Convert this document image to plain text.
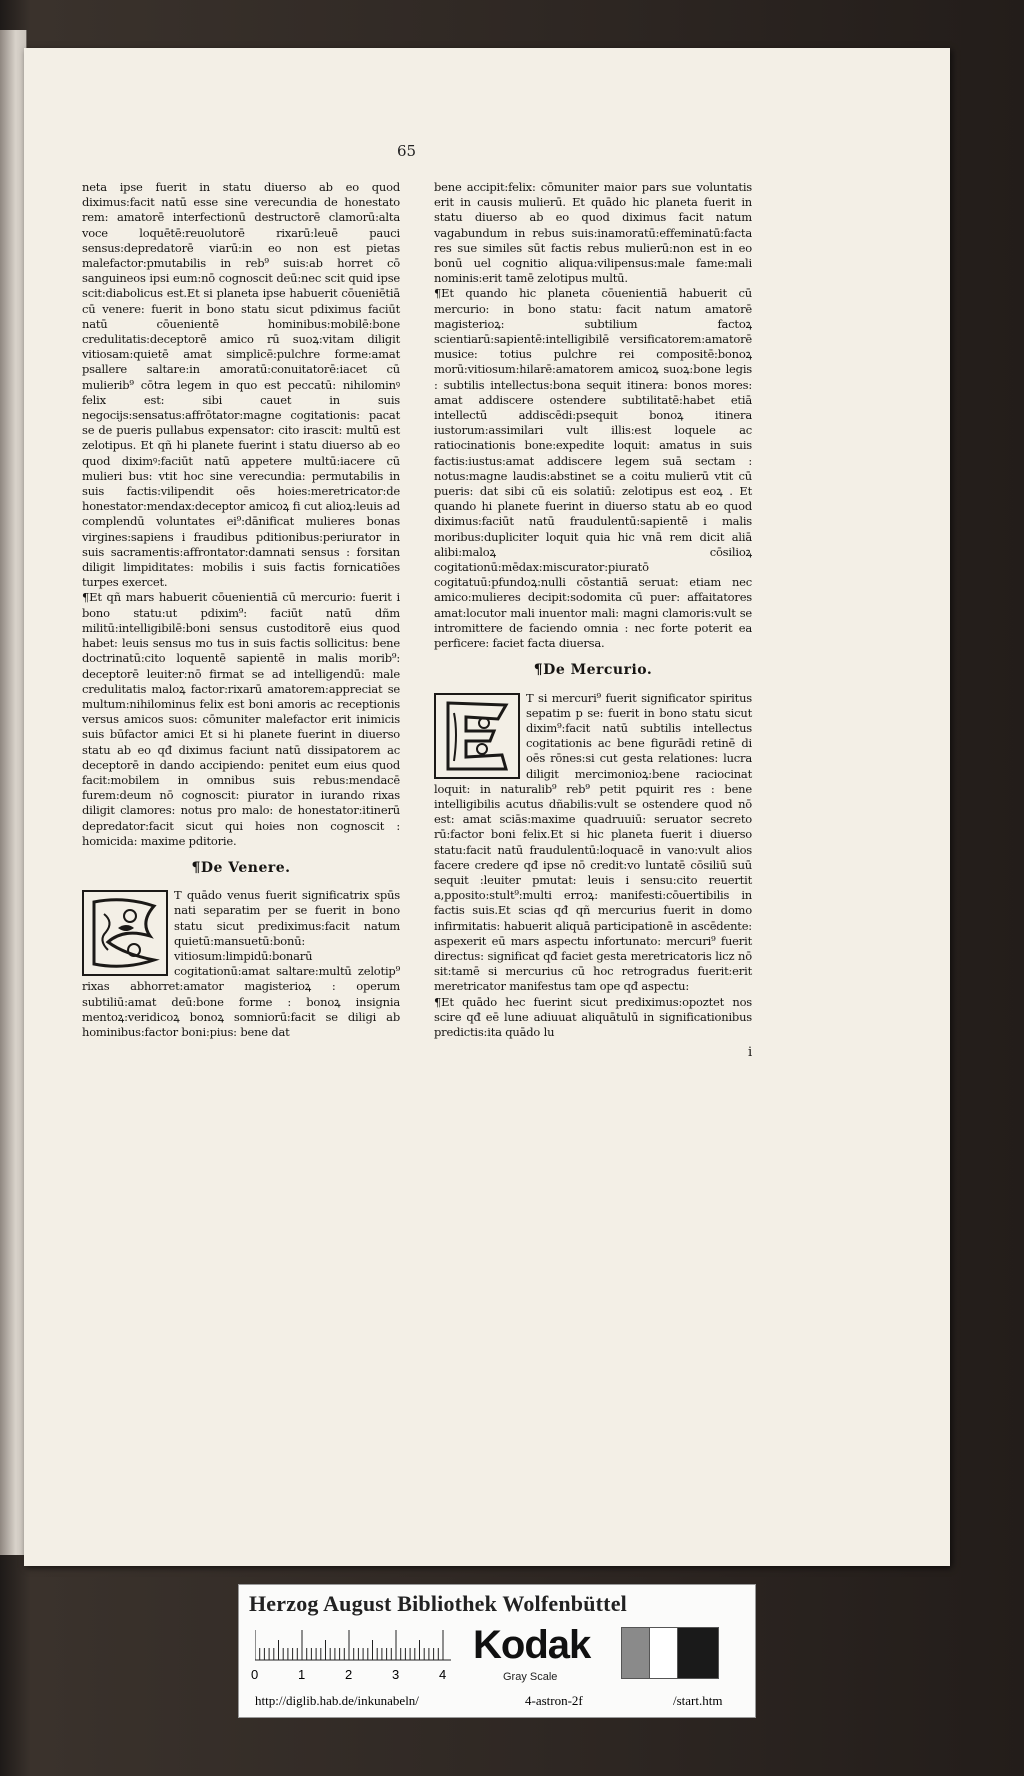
65

neta ipse fuerit in statu diuerso ab eo quod diximus:facit natū esse sine verecundia de honestato rem: amatorē interfectionū destructorē clamorū:alta voce loquētē:reuolutorē rixarū:leuē pauci sensus:depredatorē viarū:in eo non est pietas malefactor:pmutabilis in reb⁹ suis:ab horret cō sanguineos ipsi eum:nō cognoscit deū:nec scit quid ipse scit:diabolicus est.Et si planeta ipse habuerit cōueniētiā cū venere: fuerit in bono statu sicut pdiximus faciūt natū cōuenientē hominibus:mobilē:bone credulitatis:deceptorē amico rū suoꝝ:vitam diligit vitiosam:quietē amat simplicē:pulchre forme:amat psallere saltare:in amoratū:conuitatorē:iacet cū mulierib⁹ cōtra legem in quo est peccatū: nihilominꝰ felix est: sibi cauet in suis negocijs:sensatus:affrōtator:magne cogitationis: pacat se de pueris pullabus expensator: cito irascit: multū est zelotipus. Et qñ hi planete fuerint i statu diuerso ab eo quod diximꝰ:faciūt natū appetere multū:iacere cū mulieri bus: vtit hoc sine verecundia: permutabilis in suis factis:vilipendit oēs hoies:meretricator:de honestator:mendax:deceptor amicoꝝ fi cut alioꝝ:leuis ad complendū voluntates ei⁹:dānificat mulieres bonas virgines:sapiens i fraudibus pditionibus:periurator in suis sacramentis:affrontator:damnati sensus : forsitan diligit limpiditates: mobilis i suis factis fornicatiões turpes exercet.

¶Et qñ mars habuerit cōuenientiā cū mercurio: fuerit i bono statu:ut pdixim⁹: faciūt natū dñm militū:intelligibilē:boni sensus custoditorē eius quod habet: leuis sensus mo tus in suis factis sollicitus: bene doctrinatū:cito loquentē sapientē in malis morib⁹: deceptorē leuiter:nō firmat se ad intelligendū: male credulitatis maloꝝ factor:rixarū amatorem:appreciat se multum:nihilominus felix est boni amoris ac receptionis versus amicos suos: cōmuniter malefactor erit inimicis suis būfactor amici Et si hi planete fuerint in diuerso statu ab eo qđ diximus faciunt natū dissipatorem ac deceptorē in dando accipiendo: penitet eum eius quod facit:mobilem in omnibus suis rebus:mendacē furem:deum nō cognoscit: piurator in iurando rixas diligit clamores: notus pro malo: de honestator:itinerū depredator:facit sicut qui hoies non cognoscit : homicida: maxime pditorie.

¶De Venere.

T quādo venus fuerit significatrix spūs nati separatim per se fuerit in bono statu sicut prediximus:facit natum quietū:mansuetū:bonū: vitiosum:limpidū:bonarū cogitationū:amat saltare:multū zelotip⁹ rixas abhorret:amator magisterioꝝ : operum subtiliū:amat deū:bone forme : bonoꝝ insignia mentoꝝ:veridicoꝝ bonoꝝ somniorū:facit se diligi ab hominibus:factor boni:pius: bene dat

bene accipit:felix: cōmuniter maior pars sue voluntatis erit in causis mulierū. Et quādo hic planeta fuerit in statu diuerso ab eo quod diximus facit natum vagabundum in rebus suis:inamoratū:effeminatū:facta res sue similes sūt factis rebus mulierū:non est in eo bonū uel cognitio aliqua:vilipensus:male fame:mali nominis:erit tamē zelotipus multū.

¶Et quando hic planeta cōuenientiā habuerit cū mercurio: in bono statu: facit natum amatorē magisterioꝝ: subtilium factoꝝ scientiarū:sapientē:intelligibilē versificatorem:amatorē musice: totius pulchre rei compositē:bonoꝝ morū:vitiosum:hilarē:amatorem amicoꝝ suoꝝ:bone legis : subtilis intellectus:bona sequit itinera: bonos mores: amat addiscere ostendere subtilitatē:habet etiā intellectū addiscēdi:psequit bonoꝝ itinera iustorum:assimilari vult illis:est loquele ac ratiocinationis bone:expedite loquit: amatus in suis factis:iustus:amat addiscere legem suā sectam : notus:magne laudis:abstinet se a coitu mulierū vtit cū pueris: dat sibi cū eis solatiū: zelotipus est eoꝝ . Et quando hi planete fuerint in diuerso statu ab eo quod diximus:faciūt natū fraudulentū:sapientē i malis moribus:dupliciter loquit quia hic vnā rem dicit aliā alibi:maloꝝ cōsilioꝝ cogitationū:mēdax:miscurator:piuratō cogitatuū:pfundoꝝ:nulli cōstantiā seruat: etiam nec amico:mulieres decipit:sodomita cū puer: affaitatores amat:locutor mali inuentor mali: magni clamoris:vult se intromittere de faciendo omnia : nec forte poterit ea perficere: faciet facta diuersa.

¶De Mercurio.

T si mercuri⁹ fuerit significator spiritus sepatim p se: fuerit in bono statu sicut dixim⁹:facit natū subtilis intellectus cogitationis ac bene figurādi retinē di oēs rōnes:si cut gesta relationes: lucra diligit mercimonioꝝ:bene raciocinat loquit: in naturalib⁹ reb⁹ petit pquirit res : bene intelligibilis acutus dñabilis:vult se ostendere quod nō est: amat sciās:maxime quadruuiū: seruator secreto rū:factor boni felix.Et si hic planeta fuerit i diuerso statu:facit natū fraudulentū:loquacē in vano:vult alios facere credere qđ ipse nō credit:vo luntatē cōsiliū suū sequit :leuiter pmutat: leuis i sensu:cito reuertit a,pposito:stult⁹:multi erroꝝ: manifesti:cōuertibilis in factis suis.Et scias qđ qñ mercurius fuerit in domo infirmitatis: habuerit aliquā participationē in ascēdente: aspexerit eū mars aspectu infortunato: mercuri⁹ fuerit directus: significat qđ faciet gesta meretricatoris licz nō sit:tamē si mercurius cū hoc retrogradus fuerit:erit meretricator manifestus tam ope qđ aspectu:

¶Et quādo hec fuerint sicut prediximus:opoztet nos scire qđ eē lune adiuuat aliquātulū in significationibus predictis:ita quādo lu

i
Herzog August Bibliothek Wolfenbüttel
0	1	2	3	4
Kodak
Gray Scale
http://diglib.hab.de/inkunabeln/	4-astron-2f	/start.htm
